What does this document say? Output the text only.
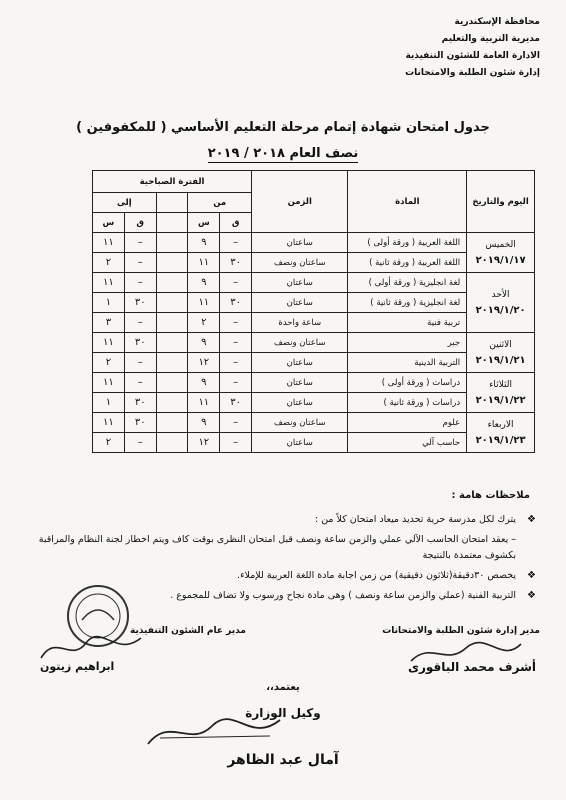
محافظة الإسكندرية
مديرية التربية والتعليم
الادارة العامة للشئون التنفيذية
إدارة شئون الطلبة والامتحانات
جدول امتحان شهادة إتمام مرحلة التعليم الأساسي ( للمكفوفين )
نصف العام ٢٠١٨ / ٢٠١٩
اليوم والتاريخ	المادة	الزمن	الفترة الصباحية				
			من			إلى	
			ق	س		ق	س

الخميس
٢٠١٩/١/١٧	اللغة العربية ( ورقة أولى )	ساعتان	–	٩		–	١١
	اللغة العربية ( ورقة ثانية )	ساعتان ونصف	٣٠	١١		–	٢

الأحد
٢٠١٩/١/٢٠	لغة انجليزية ( ورقة أولى )	ساعتان	–	٩		–	١١
	لغة انجليزية ( ورقة ثانية )	ساعتان	٣٠	١١		٣٠	١
	تربية فنية	ساعة واحدة	–	٢		–	٣

الاثنين
٢٠١٩/١/٢١	جبر	ساعتان ونصف	–	٩		٣٠	١١
	التربية الدينية	ساعتان	–	١٢		–	٢

الثلاثاء
٢٠١٩/١/٢٢	دراسات ( ورقة أولى )	ساعتان	–	٩		–	١١
	دراسات ( ورقة ثانية )	ساعتان	٣٠	١١		٣٠	١

الاربعاء
٢٠١٩/١/٢٣	علوم	ساعتان ونصف	–	٩		٣٠	١١
	حاسب آلي	ساعتان	–	١٢		–	٢
ملاحظات هامة :
❖
يترك لكل مدرسة حرية تحديد ميعاد امتحان كلاً من :
– يعقد امتحان الحاسب الآلي عملي والزمن ساعة ونصف قبل امتحان النظرى بوقت كاف ويتم اخطار لجنة النظام والمراقبة بكشوف معتمدة بالنتيجة
❖
يخصص ٣٠دقيقة(ثلاثون دقيقية) من زمن اجابة مادة اللغة العربية للإملاء.
❖
التربية الفنية (عملي والزمن ساعة ونصف ) وهى مادة نجاح ورسوب ولا تضاف للمجموع .
مدير إدارة شئون الطلبة والامتحانات
أشرف محمد الباقورى
مدير عام الشئون التنفيذية
ابراهيم زيتون
يعتمد،،
وكيل الوزارة
آمال عبد الظاهر
